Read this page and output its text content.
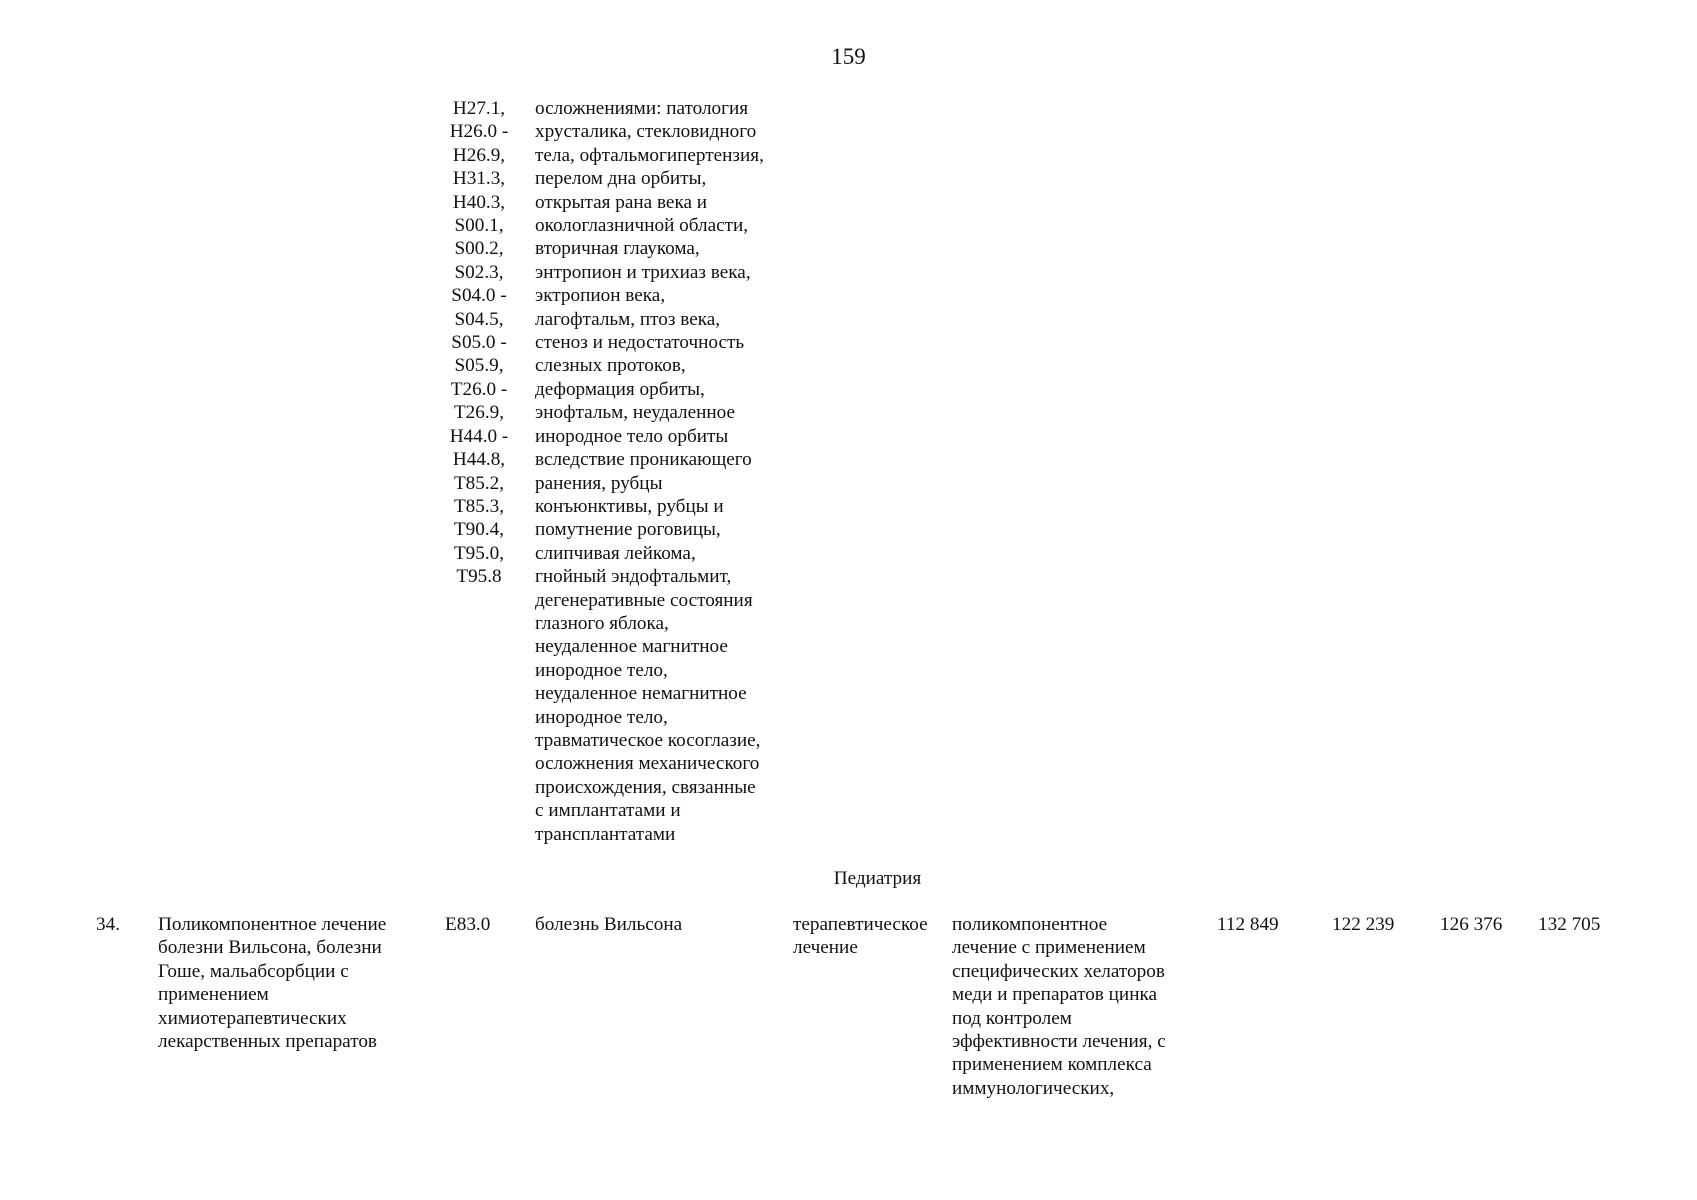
159
H27.1,
H26.0 -
H26.9,
H31.3,
H40.3,
S00.1,
S00.2,
S02.3,
S04.0 -
S04.5,
S05.0 -
S05.9,
T26.0 -
T26.9,
H44.0 -
H44.8,
T85.2,
T85.3,
T90.4,
T95.0,
T95.8
осложнениями: патология
хрусталика, стекловидного
тела, офтальмогипертензия,
перелом дна орбиты,
открытая рана века и
окологлазничной области,
вторичная глаукома,
энтропион и трихиаз века,
эктропион века,
лагофтальм, птоз века,
стеноз и недостаточность
слезных протоков,
деформация орбиты,
энофтальм, неудаленное
инородное тело орбиты
вследствие проникающего
ранения, рубцы
конъюнктивы, рубцы и
помутнение роговицы,
слипчивая лейкома,
гнойный эндофтальмит,
дегенеративные состояния
глазного яблока,
неудаленное магнитное
инородное тело,
неудаленное немагнитное
инородное тело,
травматическое косоглазие,
осложнения механического
происхождения, связанные
с имплантатами и
трансплантатами
Педиатрия
34. Поликомпонентное лечение
болезни Вильсона, болезни
Гоше, мальабсорбции с
применением
химиотерапевтических
лекарственных препаратов
E83.0 болезнь Вильсона	терапевтическое
лечение
поликомпонентное
лечение с применением
специфических хелаторов
меди и препаратов цинка
под контролем
эффективности лечения, с
применением комплекса
иммунологических,
112 849	122 239 126 376 132 705
